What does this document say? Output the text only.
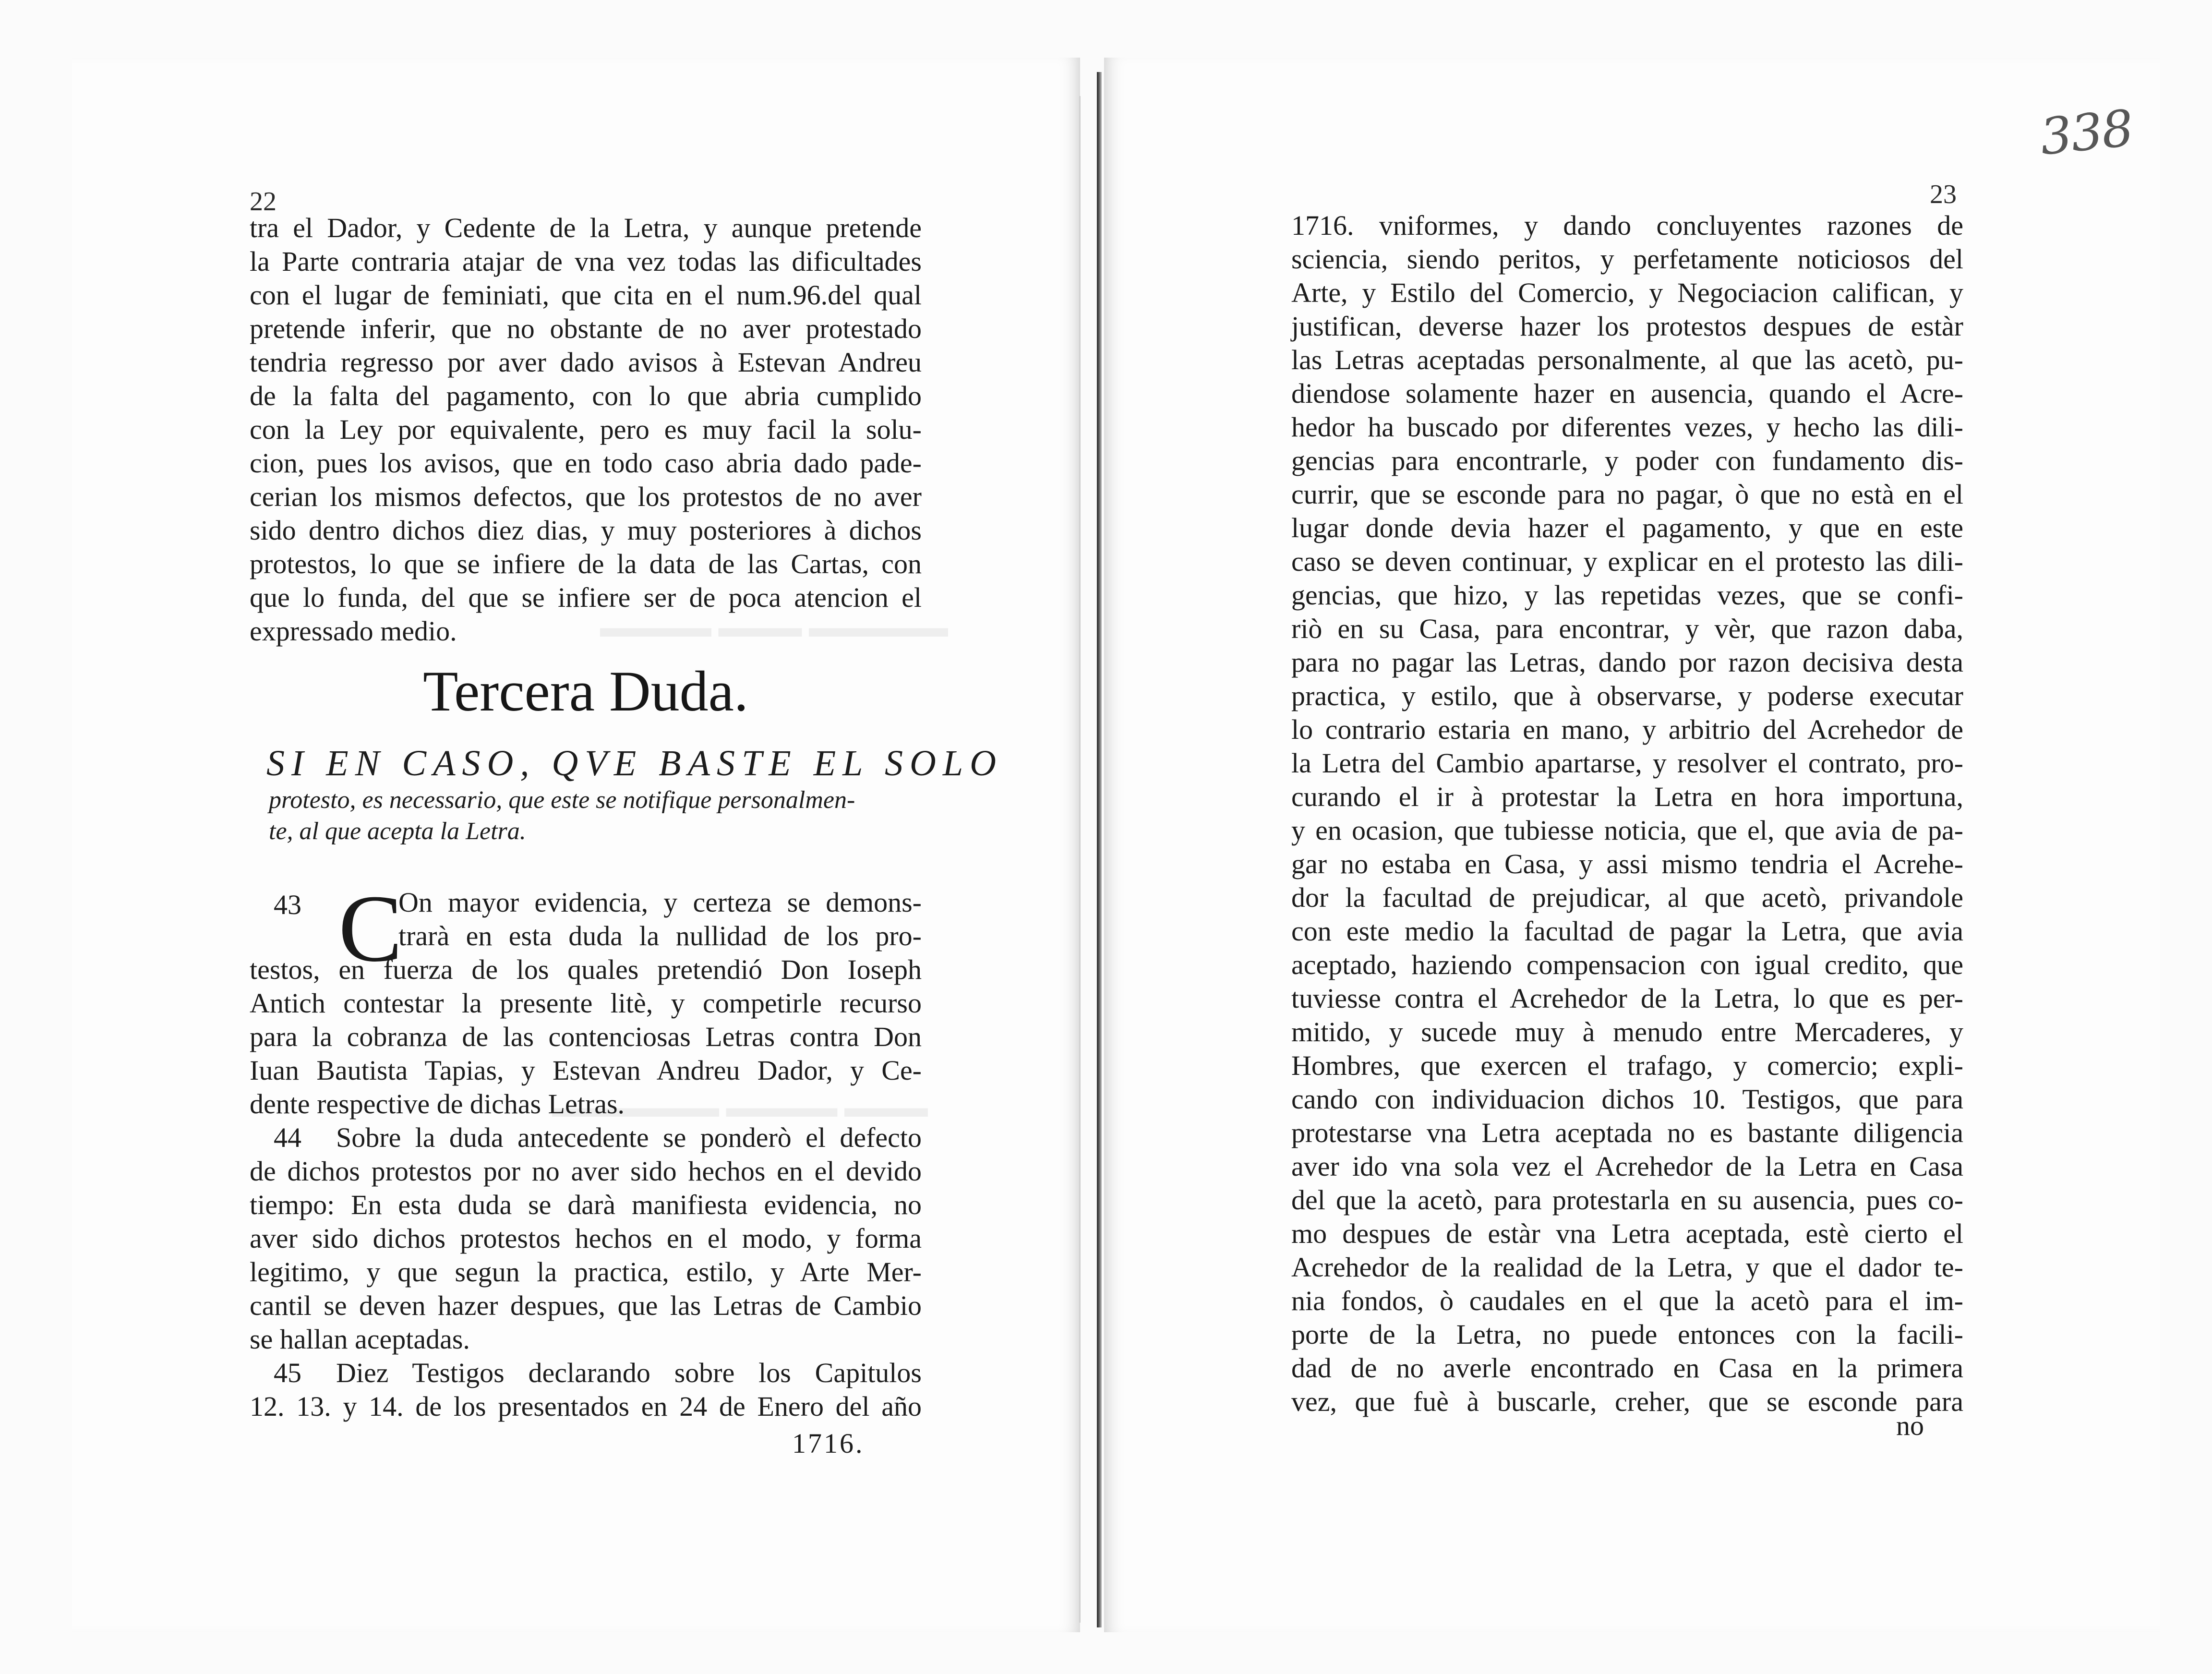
▬▬▬▬ ▬▬▬ ▬▬▬▬▬
▬▬▬▬▬▬ ▬▬▬▬ ▬▬▬
338
22	23
tra el Dador, y Cedente de la Letra, y aunque pretende
la Parte contraria atajar de vna vez todas las dificultades
con el lugar de feminiati, que cita en el num.96.del qual
pretende inferir, que no obstante de no aver protestado
tendria regresso por aver dado avisos à Estevan Andreu
de la falta del pagamento, con lo que abria cumplido
con la Ley por equivalente, pero es muy facil la solu-
cion, pues los avisos, que en todo caso abria dado pade-
cerian los mismos defectos, que los protestos de no aver
sido dentro dichos diez dias, y muy posteriores à dichos
protestos, lo que se infiere de la data de las Cartas, con
que lo funda, del que se infiere ser de poca atencion el
expressado medio.
Tercera Duda.
SI EN CASO, QVE BASTE EL SOLO
protesto, es necessario, que este se notifique personalmen-
te, al que acepta la Letra.
43 C
On mayor evidencia, y certeza se demons-
trarà en esta duda la nullidad de los pro-
testos, en fuerza de los quales pretendió Don Ioseph
Antich contestar la presente litè, y competirle recurso
para la cobranza de las contenciosas Letras contra Don
Iuan Bautista Tapias, y Estevan Andreu Dador, y Ce-
dente respective de dichas Letras.
44 Sobre la duda antecedente se ponderò el defecto
de dichos protestos por no aver sido hechos en el devido
tiempo: En esta duda se darà manifiesta evidencia, no
aver sido dichos protestos hechos en el modo, y forma
legitimo, y que segun la practica, estilo, y Arte Mer-
cantil se deven hazer despues, que las Letras de Cambio
se hallan aceptadas.
45 Diez Testigos declarando sobre los Capitulos
12. 13. y 14. de los presentados en 24 de Enero del año
1716.
1716. vniformes, y dando concluyentes razones de
sciencia, siendo peritos, y perfetamente noticiosos del
Arte, y Estilo del Comercio, y Negociacion califican, y
justifican, deverse hazer los protestos despues de estàr
las Letras aceptadas personalmente, al que las acetò, pu-
diendose solamente hazer en ausencia, quando el Acre-
hedor ha buscado por diferentes vezes, y hecho las dili-
gencias para encontrarle, y poder con fundamento dis-
currir, que se esconde para no pagar, ò que no està en el
lugar donde devia hazer el pagamento, y que en este
caso se deven continuar, y explicar en el protesto las dili-
gencias, que hizo, y las repetidas vezes, que se confi-
riò en su Casa, para encontrar, y vèr, que razon daba,
para no pagar las Letras, dando por razon decisiva desta
practica, y estilo, que à observarse, y poderse executar
lo contrario estaria en mano, y arbitrio del Acrehedor de
la Letra del Cambio apartarse, y resolver el contrato, pro-
curando el ir à protestar la Letra en hora importuna,
y en ocasion, que tubiesse noticia, que el, que avia de pa-
gar no estaba en Casa, y assi mismo tendria el Acrehe-
dor la facultad de prejudicar, al que acetò, privandole
con este medio la facultad de pagar la Letra, que avia
aceptado, haziendo compensacion con igual credito, que
tuviesse contra el Acrehedor de la Letra, lo que es per-
mitido, y sucede muy à menudo entre Mercaderes, y
Hombres, que exercen el trafago, y comercio; expli-
cando con individuacion dichos 10. Testigos, que para
protestarse vna Letra aceptada no es bastante diligencia
aver ido vna sola vez el Acrehedor de la Letra en Casa
del que la acetò, para protestarla en su ausencia, pues co-
mo despues de estàr vna Letra aceptada, estè cierto el
Acrehedor de la realidad de la Letra, y que el dador te-
nia fondos, ò caudales en el que la acetò para el im-
porte de la Letra, no puede entonces con la facili-
dad de no averle encontrado en Casa en la primera
vez, que fuè à buscarle, creher, que se esconde para
no
